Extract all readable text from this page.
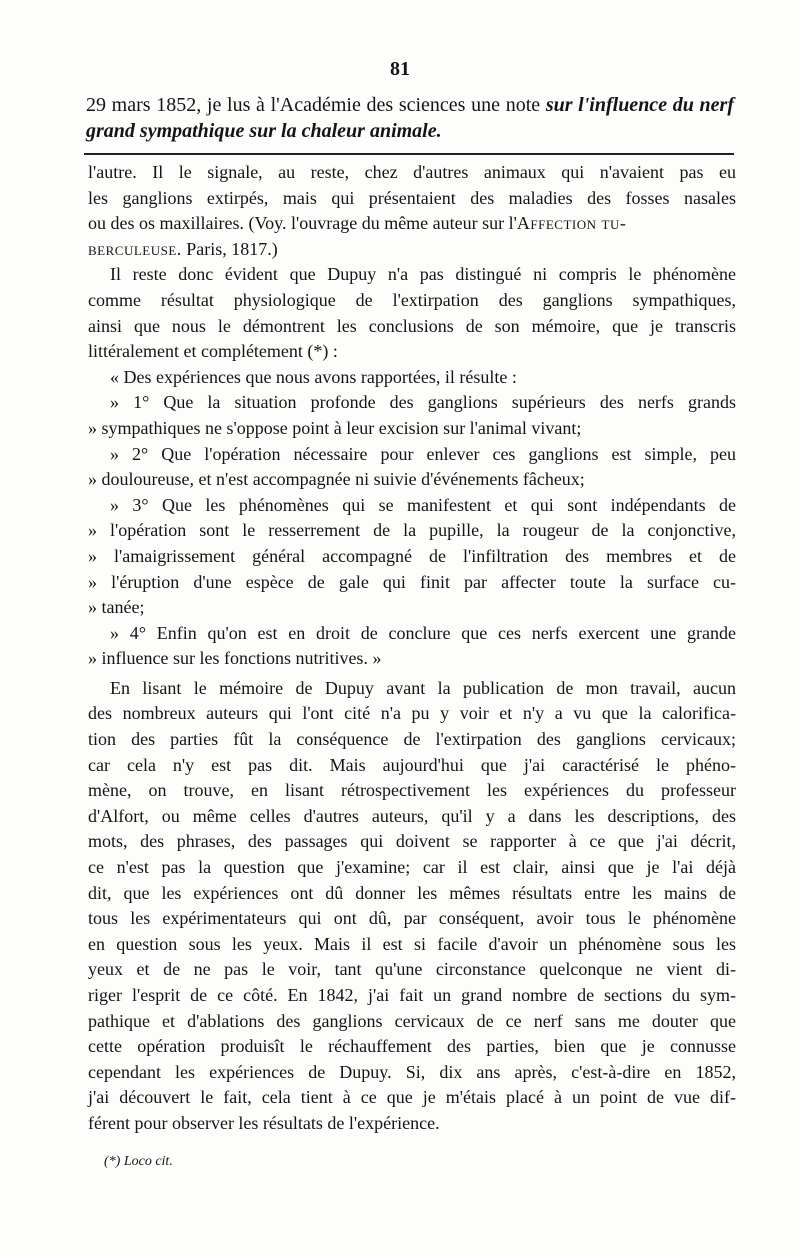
81
29 mars 1852, je lus à l'Académie des sciences une note sur l'influence du nerf grand sympathique sur la chaleur animale.
l'autre. Il le signale, au reste, chez d'autres animaux qui n'avaient pas eu
les ganglions extirpés, mais qui présentaient des maladies des fosses nasales
ou des os maxillaires. (Voy. l'ouvrage du même auteur sur l'Affection tu-
berculeuse. Paris, 1817.)
Il reste donc évident que Dupuy n'a pas distingué ni compris le phénomène
comme résultat physiologique de l'extirpation des ganglions sympathiques,
ainsi que nous le démontrent les conclusions de son mémoire, que je transcris
littéralement et complétement (*) :
« Des expériences que nous avons rapportées, il résulte :
» 1° Que la situation profonde des ganglions supérieurs des nerfs grands
» sympathiques ne s'oppose point à leur excision sur l'animal vivant;
» 2° Que l'opération nécessaire pour enlever ces ganglions est simple, peu
» douloureuse, et n'est accompagnée ni suivie d'événements fâcheux;
» 3° Que les phénomènes qui se manifestent et qui sont indépendants de
» l'opération sont le resserrement de la pupille, la rougeur de la conjonctive,
» l'amaigrissement général accompagné de l'infiltration des membres et de
» l'éruption d'une espèce de gale qui finit par affecter toute la surface cu-
» tanée;
» 4° Enfin qu'on est en droit de conclure que ces nerfs exercent une grande
» influence sur les fonctions nutritives. »
En lisant le mémoire de Dupuy avant la publication de mon travail, aucun
des nombreux auteurs qui l'ont cité n'a pu y voir et n'y a vu que la calorifica-
tion des parties fût la conséquence de l'extirpation des ganglions cervicaux;
car cela n'y est pas dit. Mais aujourd'hui que j'ai caractérisé le phéno-
mène, on trouve, en lisant rétrospectivement les expériences du professeur
d'Alfort, ou même celles d'autres auteurs, qu'il y a dans les descriptions, des
mots, des phrases, des passages qui doivent se rapporter à ce que j'ai décrit,
ce n'est pas la question que j'examine; car il est clair, ainsi que je l'ai déjà
dit, que les expériences ont dû donner les mêmes résultats entre les mains de
tous les expérimentateurs qui ont dû, par conséquent, avoir tous le phénomène
en question sous les yeux. Mais il est si facile d'avoir un phénomène sous les
yeux et de ne pas le voir, tant qu'une circonstance quelconque ne vient di-
riger l'esprit de ce côté. En 1842, j'ai fait un grand nombre de sections du sym-
pathique et d'ablations des ganglions cervicaux de ce nerf sans me douter que
cette opération produisît le réchauffement des parties, bien que je connusse
cependant les expériences de Dupuy. Si, dix ans après, c'est-à-dire en 1852,
j'ai découvert le fait, cela tient à ce que je m'étais placé à un point de vue dif-
férent pour observer les résultats de l'expérience.
(*) Loco cit.
